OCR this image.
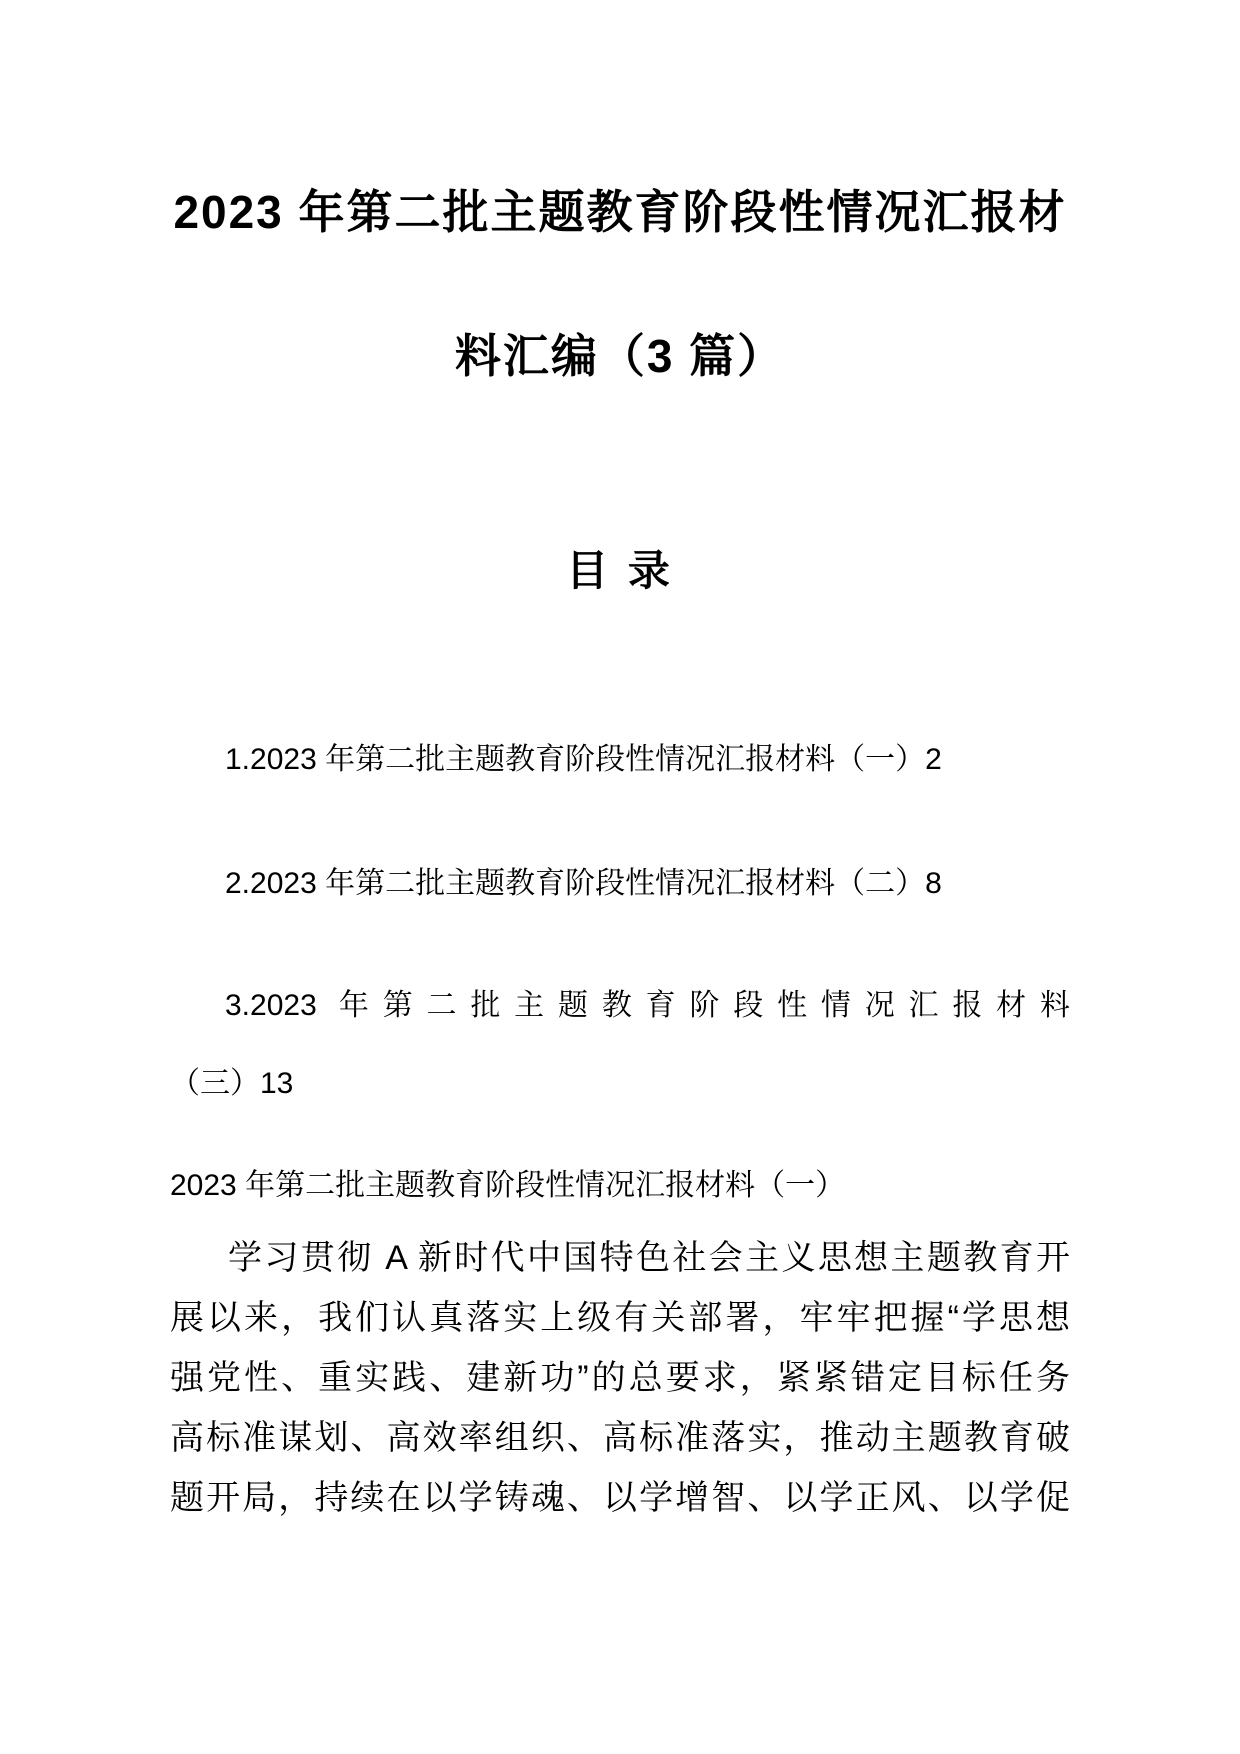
2023 年第二批主题教育阶段性情况汇报材
料汇编（3 篇）
目 录
1.2023 年第二批主题教育阶段性情况汇报材料（一）2
2.2023 年第二批主题教育阶段性情况汇报材料（二）8
3.2023 年第二批主题教育阶段性情况汇报材料
（三）13
2023 年第二批主题教育阶段性情况汇报材料（一）
学习贯彻 A 新时代中国特色社会主义思想主题教育开
展以来，我们认真落实上级有关部署，牢牢把握“学思想
强党性、重实践、建新功”的总要求，紧紧错定目标任务
高标准谋划、高效率组织、高标准落实，推动主题教育破
题开局，持续在以学铸魂、以学增智、以学正风、以学促
